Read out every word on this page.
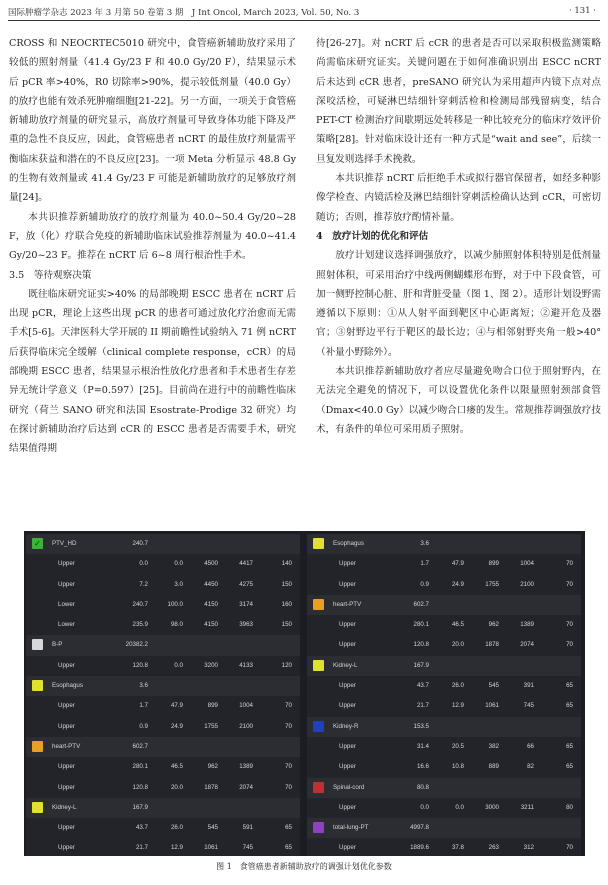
国际肿瘤学杂志 2023 年 3 月第 50 卷第 3 期　J Int Oncol, March 2023, Vol. 50, No. 3	· 131 ·

CROSS 和 NEOCRTEC5010 研究中，食管癌新辅助放疗采用了较低的照射剂量（41.4 Gy/23 F 和 40.0 Gy/20 F），结果显示术后 pCR 率>40%，R0 切除率>90%，提示较低剂量（40.0 Gy）的放疗也能有效杀死肿瘤细胞[21-22]。另一方面，一项关于食管癌新辅助放疗剂量的研究显示，高放疗剂量可导致身体功能下降及严重的急性不良反应，因此，食管癌患者 nCRT 的最佳放疗剂量需平衡临床获益和潜在的不良反应[23]。一项 Meta 分析显示 48.8 Gy 的生物有效剂量或 41.4 Gy/23 F 可能是新辅助放疗的足够放疗剂量[24]。

本共识推荐新辅助放疗的放疗剂量为 40.0~50.4 Gy/20~28 F，放（化）疗联合免疫的新辅助临床试验推荐剂量为 40.0~41.4 Gy/20~23 F。推荐在 nCRT 后 6~8 周行根治性手术。

3.5　 等待观察决策

既往临床研究证实>40% 的局部晚期 ESCC 患者在 nCRT 后出现 pCR，理论上这些出现 pCR 的患者可通过放化疗治愈而无需手术[5-6]。天津医科大学开展的 II 期前瞻性试验纳入 71 例 nCRT 后获得临床完全缓解（clinical complete response，cCR）的局部晚期 ESCC 患者，结果显示根治性放化疗患者和手术患者生存差异无统计学意义（P=0.597）[25]。目前尚在进行中的前瞻性临床研究（荷兰 SANO 研究和法国 Esostrate-Prodige 32 研究）均在探讨新辅助治疗后达到 cCR 的 ESCC 患者是否需要手术，研究结果值得期

待[26-27]。对 nCRT 后 cCR 的患者是否可以采取积极监测策略尚需临床研究证实。关键问题在于如何准确识别出 ESCC nCRT 后未达到 cCR 患者，preSANO 研究认为采用超声内镜下点对点深咬活检，可疑淋巴结细针穿刺活检和检测局部残留病变，结合 PET-CT 检测治疗间歇期远处转移是一种比较充分的临床疗效评价策略[28]。针对临床设计还有一种方式是“wait and see”，后续一旦复发则选择手术挽救。

本共识推荐 nCRT 后拒绝手术或拟行器官保留者，如经多种影像学检查、内镜活检及淋巴结细针穿刺活检确认达到 cCR，可密切随访；否则，推荐放疗酌情补量。

4　 放疗计划的优化和评估

放疗计划建议选择调强放疗，以减少肺照射体积特别是低剂量照射体积，可采用治疗中线两侧蝴蝶形布野，对于中下段食管，可加一侧野控制心脏、肝和背脏受量（图 1、图 2）。适形计划设野需遵循以下原则：①从人射平面到靶区中心距离短；②避开危及器官；③射野边平行于靶区的最长边；④与相邻射野夹角一般>40°（补量小野除外）。

本共识推荐新辅助放疗者应尽量避免吻合口位于照射野内，在无法完全避免的情况下，可以设置优化条件以限量照射颈部食管（Dmax<40.0 Gy）以减少吻合口瘘的发生。常规推荐调强放疗技术，有条件的单位可采用质子照射。

✓	PTV_HD	240.7
Upper	0.0	0.0	4500	4417	140
Upper	7.2	3.0	4450	4275	150
Lower	240.7	100.0	4150	3174	160
Lower	235.9	98.0	4150	3963	150
B-P	20382.2
Upper	120.8	0.0	3200	4133	120
Esophagus	3.6
Upper	1.7	47.9	899	1004	70
Upper	0.9	24.9	1755	2100	70
heart-PTV	602.7
Upper	280.1	46.5	962	1389	70
Upper	120.8	20.0	1878	2074	70
Kidney-L	167.9
Upper	43.7	26.0	545	591	65
Upper	21.7	12.9	1061	745	65
Esophagus	3.6
Upper	1.7	47.9	899	1004	70
Upper	0.9	24.9	1755	2100	70
heart-PTV	602.7
Upper	280.1	46.5	962	1389	70
Upper	120.8	20.0	1878	2074	70
Kidney-L	167.9
Upper	43.7	26.0	545	391	65
Upper	21.7	12.9	1061	745	65
Kidney-R	153.5
Upper	31.4	20.5	382	66	65
Upper	16.6	10.8	889	82	65
Spinal-cord	80.8
Upper	0.0	0.0	3000	3211	80
total-lung-PT	4997.8
Upper	1889.6	37.8	263	312	70
图 1　食管癌患者新辅助放疗的调强计划优化参数
